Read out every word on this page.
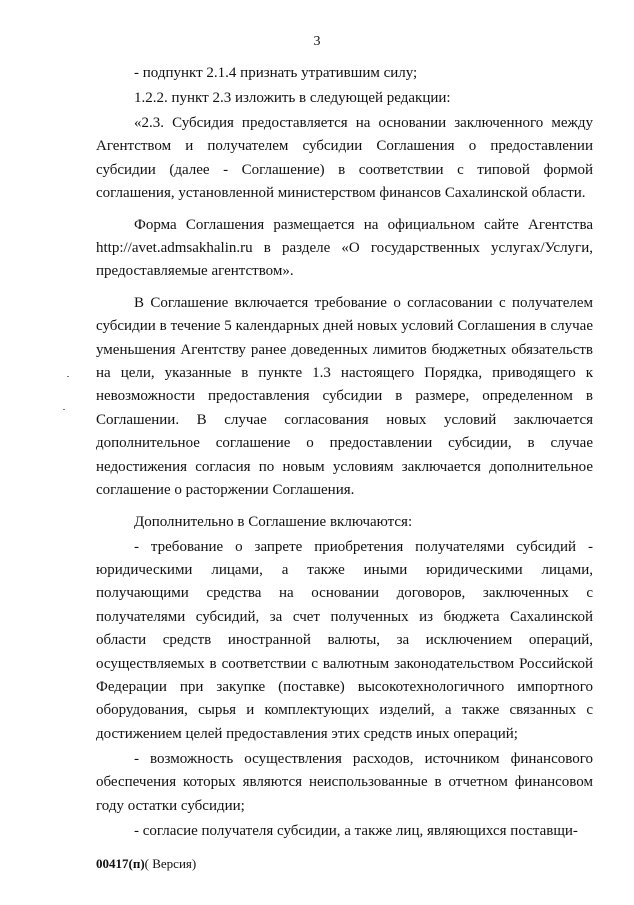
3

- подпункт 2.1.4 признать утратившим силу;

1.2.2. пункт 2.3 изложить в следующей редакции:

«2.3. Субсидия предоставляется на основании заключенного между Агентством и получателем субсидии Соглашения о предоставлении субсидии (далее - Соглашение) в соответствии с типовой формой соглашения, установленной министерством финансов Сахалинской области.

Форма Соглашения размещается на официальном сайте Агентства http://avet.admsakhalin.ru в разделе «О государственных услугах/Услуги, предоставляемые агентством».

В Соглашение включается требование о согласовании с получателем субсидии в течение 5 календарных дней новых условий Соглашения в случае уменьшения Агентству ранее доведенных лимитов бюджетных обязательств на цели, указанные в пункте 1.3 настоящего Порядка, приводящего к невозможности предоставления субсидии в размере, определенном в Соглашении. В случае согласования новых условий заключается дополнительное соглашение о предоставлении субсидии, в случае недостижения согласия по новым условиям заключается дополнительное соглашение о расторжении Соглашения.

Дополнительно в Соглашение включаются:

- требование о запрете приобретения получателями субсидий - юридическими лицами, а также иными юридическими лицами, получающими средства на основании договоров, заключенных с получателями субсидий, за счет полученных из бюджета Сахалинской области средств иностранной валюты, за исключением операций, осуществляемых в соответствии с валютным законодательством Российской Федерации при закупке (поставке) высокотехнологичного импортного оборудования, сырья и комплектующих изделий, а также связанных с достижением целей предоставления этих средств иных операций;

- возможность осуществления расходов, источником финансового обеспечения которых являются неиспользованные в отчетном финансовом году остатки субсидии;

- согласие получателя субсидии, а также лиц, являющихся поставщи-

00417(п)( Версия)
